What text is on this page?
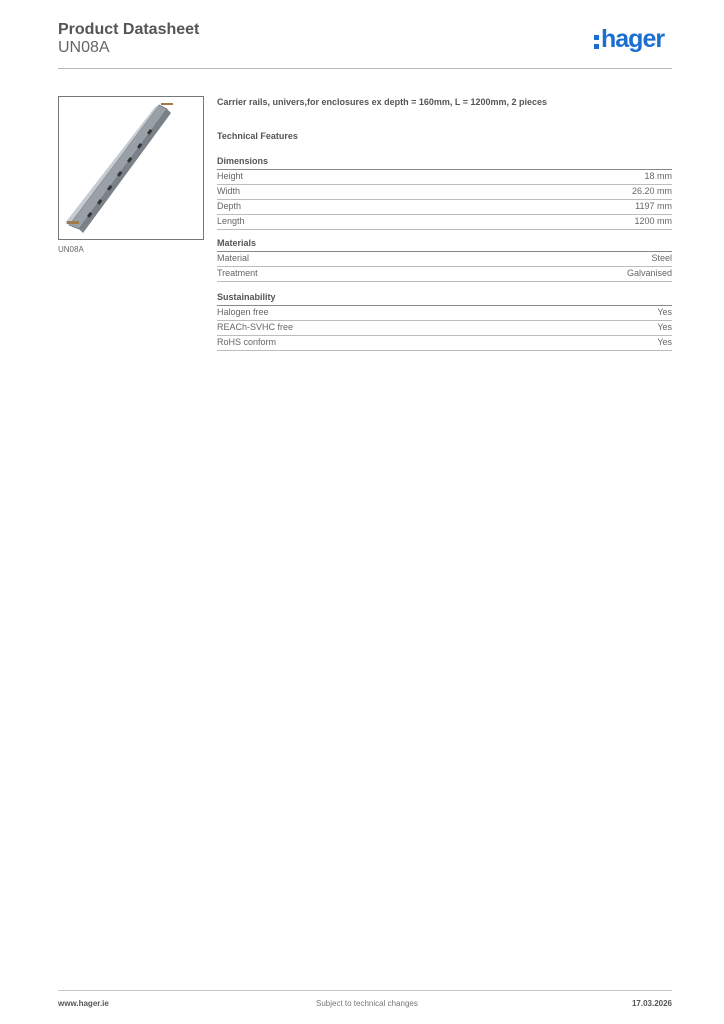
Product Datasheet
UN08A	hager
UN08A
Carrier rails, univers,for enclosures ex depth = 160mm, L = 1200mm, 2 pieces
Technical Features
Dimensions
Height	18 mm
Width	26.20 mm
Depth	1197 mm
Length	1200 mm
Materials
Material	Steel
Treatment	Galvanised
Sustainability
Halogen free	Yes
REACh-SVHC free	Yes
RoHS conform	Yes
www.hager.ie	Subject to technical changes	17.03.2026
